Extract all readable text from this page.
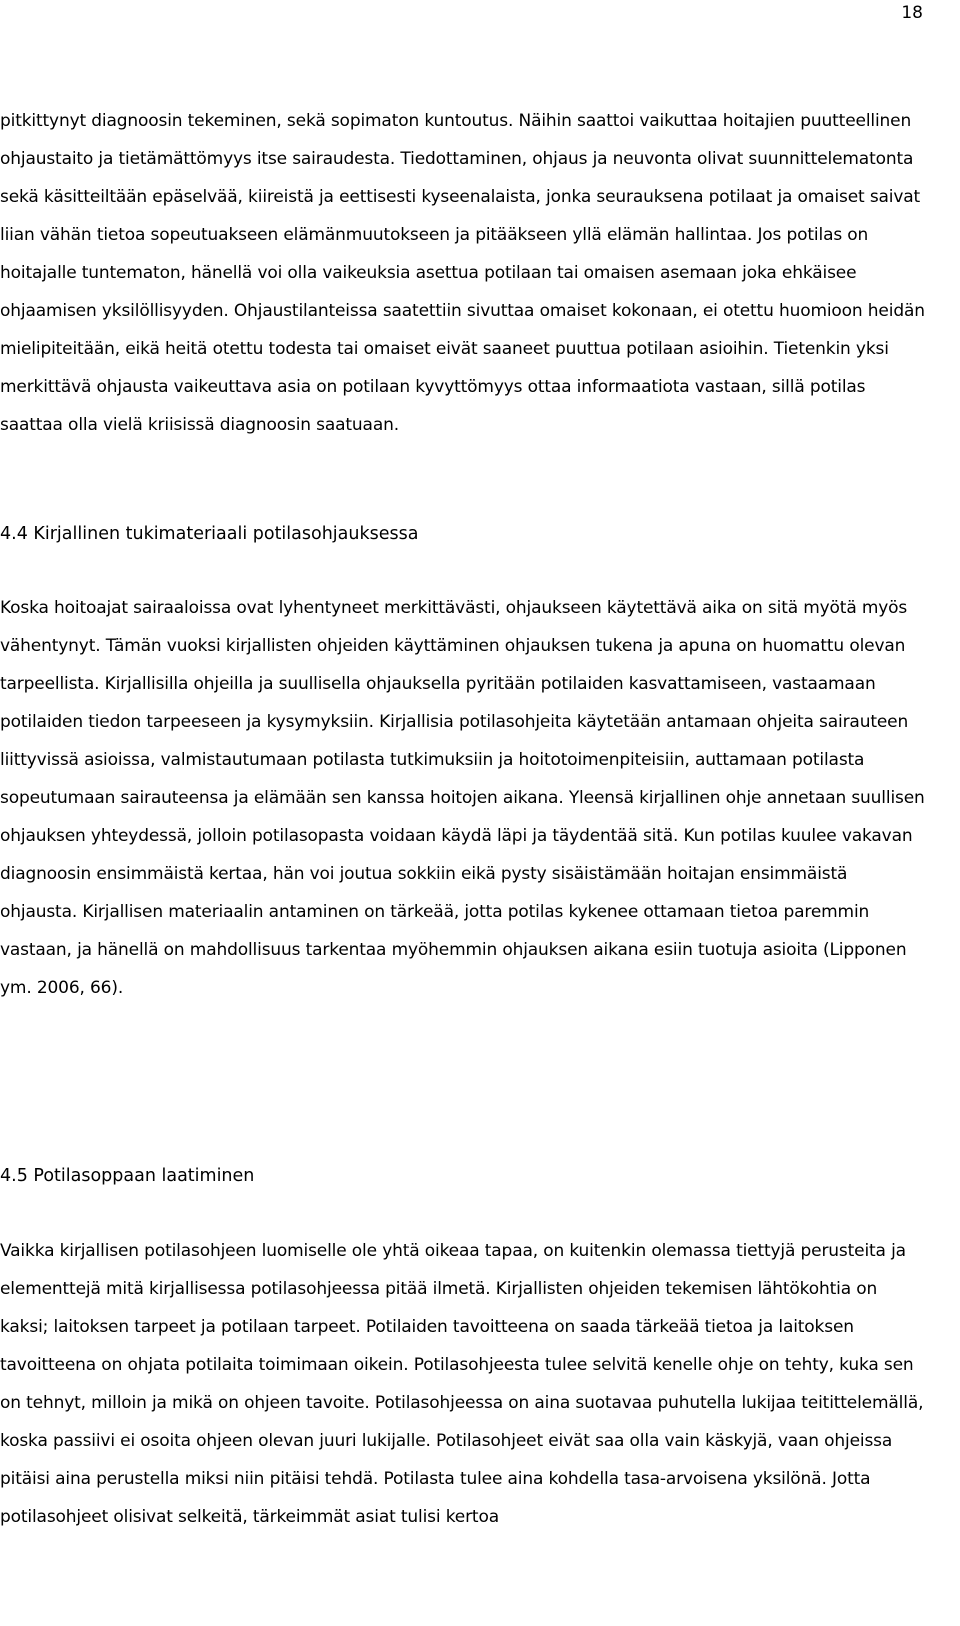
18

pitkittynyt diagnoosin tekeminen, sekä sopimaton kuntoutus. Näihin saattoi vaikuttaa hoitajien puutteellinen ohjaustaito ja tietämättömyys itse sairaudesta. Tiedottaminen, ohjaus ja neuvonta olivat suunnittelematonta sekä käsitteiltään epäselvää, kiireistä ja eettisesti kyseenalaista, jonka seurauksena potilaat ja omaiset saivat liian vähän tietoa sopeutuakseen elämänmuutokseen ja pitääkseen yllä elämän hallintaa. Jos potilas on hoitajalle tuntematon, hänellä voi olla vaikeuksia asettua potilaan tai omaisen asemaan joka ehkäisee ohjaamisen yksilöllisyyden. Ohjaustilanteissa saatettiin sivuttaa omaiset kokonaan, ei otettu huomioon heidän mielipiteitään, eikä heitä otettu todesta tai omaiset eivät saaneet puuttua potilaan asioihin. Tietenkin yksi merkittävä ohjausta vaikeuttava asia on potilaan kyvyttömyys ottaa informaatiota vastaan, sillä potilas saattaa olla vielä kriisissä diagnoosin saatuaan.

4.4 Kirjallinen tukimateriaali potilasohjauksessa

Koska hoitoajat sairaaloissa ovat lyhentyneet merkittävästi, ohjaukseen käytettävä aika on sitä myötä myös vähentynyt. Tämän vuoksi kirjallisten ohjeiden käyttäminen ohjauksen tukena ja apuna on huomattu olevan tarpeellista. Kirjallisilla ohjeilla ja suullisella ohjauksella pyritään potilaiden kasvattamiseen, vastaamaan potilaiden tiedon tarpeeseen ja kysymyksiin. Kirjallisia potilasohjeita käytetään antamaan ohjeita sairauteen liittyvissä asioissa, valmistautumaan potilasta tutkimuksiin ja hoitotoimenpiteisiin, auttamaan potilasta sopeutumaan sairauteensa ja elämään sen kanssa hoitojen aikana. Yleensä kirjallinen ohje annetaan suullisen ohjauksen yhteydessä, jolloin potilasopasta voidaan käydä läpi ja täydentää sitä. Kun potilas kuulee vakavan diagnoosin ensimmäistä kertaa, hän voi joutua sokkiin eikä pysty sisäistämään hoitajan ensimmäistä ohjausta. Kirjallisen materiaalin antaminen on tärkeää, jotta potilas kykenee ottamaan tietoa paremmin vastaan, ja hänellä on mahdollisuus tarkentaa myöhemmin ohjauksen aikana esiin tuotuja asioita (Lipponen ym. 2006, 66).

4.5 Potilasoppaan laatiminen

Vaikka kirjallisen potilasohjeen luomiselle ole yhtä oikeaa tapaa, on kuitenkin olemassa tiettyjä perusteita ja elementtejä mitä kirjallisessa potilasohjeessa pitää ilmetä. Kirjallisten ohjeiden tekemisen lähtökohtia on kaksi; laitoksen tarpeet ja potilaan tarpeet. Potilaiden tavoitteena on saada tärkeää tietoa ja laitoksen tavoitteena on ohjata potilaita toimimaan oikein. Potilasohjeesta tulee selvitä kenelle ohje on tehty, kuka sen on tehnyt, milloin ja mikä on ohjeen tavoite. Potilasohjeessa on aina suotavaa puhutella lukijaa teitittelemällä, koska passiivi ei osoita ohjeen olevan juuri lukijalle. Potilasohjeet eivät saa olla vain käskyjä, vaan ohjeissa pitäisi aina perustella miksi niin pitäisi tehdä. Potilasta tulee aina kohdella tasa-arvoisena yksilönä. Jotta potilasohjeet olisivat selkeitä, tärkeimmät asiat tulisi kertoa
